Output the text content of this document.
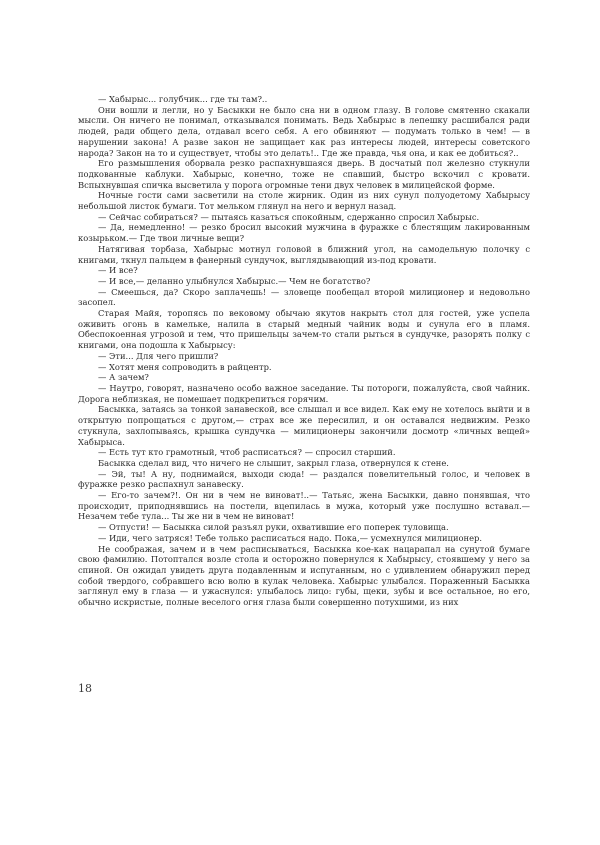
— Хабырыс... голубчик... где ты там?..

Они вошли и легли, но у Басыкки не было сна ни в одном глазу. В голове смятенно скакали мысли. Он ничего не понимал, отказывался понимать. Ведь Хабырыс в лепешку расшибался ради людей, ради общего дела, отдавал всего себя. А его обвиняют — подумать только в чем! — в нарушении закона! А разве закон не защищает как раз интересы людей, интересы советского народа? Закон на то и существует, чтобы это делать!.. Где же правда, чья она, и как ее добиться?..

Его размышления оборвала резко распахнувшаяся дверь. В досчатый пол железно стукнули подкованные каблуки. Хабырыс, конечно, тоже не спавший, быстро вскочил с кровати. Вспыхнувшая спичка высветила у порога огромные тени двух человек в милицейской форме.

Ночные гости сами засветили на столе жирник. Один из них сунул полуодетому Хабырысу небольшой листок бумаги. Тот мельком глянул на него и вернул назад.

— Сейчас собираться? — пытаясь казаться спокойным, сдержанно спросил Хабырыс.

— Да, немедленно! — резко бросил высокий мужчина в фуражке с блестящим лакированным козырьком.— Где твои личные вещи?

Натягивая торбаза, Хабырыс мотнул головой в ближний угол, на самодельную полочку с книгами, ткнул пальцем в фанерный сундучок, выглядывающий из-под кровати.

— И все?

— И все,— деланно улыбнулся Хабырыс.— Чем не богатство?

— Смеешься, да? Скоро заплачешь! — зловеще пообещал второй милиционер и недовольно засопел.

Старая Майя, торопясь по вековому обычаю якутов накрыть стол для гостей, уже успела оживить огонь в камельке, налила в старый медный чайник воды и сунула его в пламя. Обеспокоенная угрозой и тем, что пришельцы зачем-то стали рыться в сундучке, разорять полку с книгами, она подошла к Хабырысу:

— Эти... Для чего пришли?

— Хотят меня сопроводить в райцентр.

— А зачем?

— Наутро, говорят, назначено особо важное заседание. Ты потороги, пожалуйста, свой чайник. Дорога неблизкая, не помешает подкрепиться горячим.

Басыкка, затаясь за тонкой занавеской, все слышал и все видел. Как ему не хотелось выйти и в открытую попрощаться с другом,— страх все же пересилил, и он оставался недвижим. Резко стукнула, захлопываясь, крышка сундучка — милиционеры закончили досмотр «личных вещей» Хабырыса.

— Есть тут кто грамотный, чтоб расписаться? — спросил старший.

Басыкка сделал вид, что ничего не слышит, закрыл глаза, отвернулся к стене.

— Эй, ты! А ну, поднимайся, выходи сюда! — раздался повелительный голос, и человек в фуражке резко распахнул занавеску.

— Его-то зачем?!. Он ни в чем не виноват!..— Татьяс, жена Басыкки, давно понявшая, что происходит, приподнявшись на постели, вцепилась в мужа, который уже послушно вставал.— Незачем тебе тула... Ты же ни в чем не виноват!

— Отпусти! — Басыкка силой разъял руки, охватившие его поперек туловища.

— Иди, чего затряся! Тебе только расписаться надо. Пока,— усмехнулся милиционер.

Не соображая, зачем и в чем расписываться, Басыкка кое-как нацарапал на сунутой бумаге свою фамилию. Потоптался возле стола и осторожно повернулся к Хабырысу, стоявшему у него за спиной. Он ожидал увидеть друга подавленным и испуганным, но с удивлением обнаружил перед собой твердого, собравшего всю волю в кулак человека. Хабырыс улыбался. Пораженный Басыкка заглянул ему в глаза — и ужаснулся: улыбалось лицо: губы, щеки, зубы и все остальное, но его, обычно искристые, полные веселого огня глаза были совершенно потухшими, из них

18
